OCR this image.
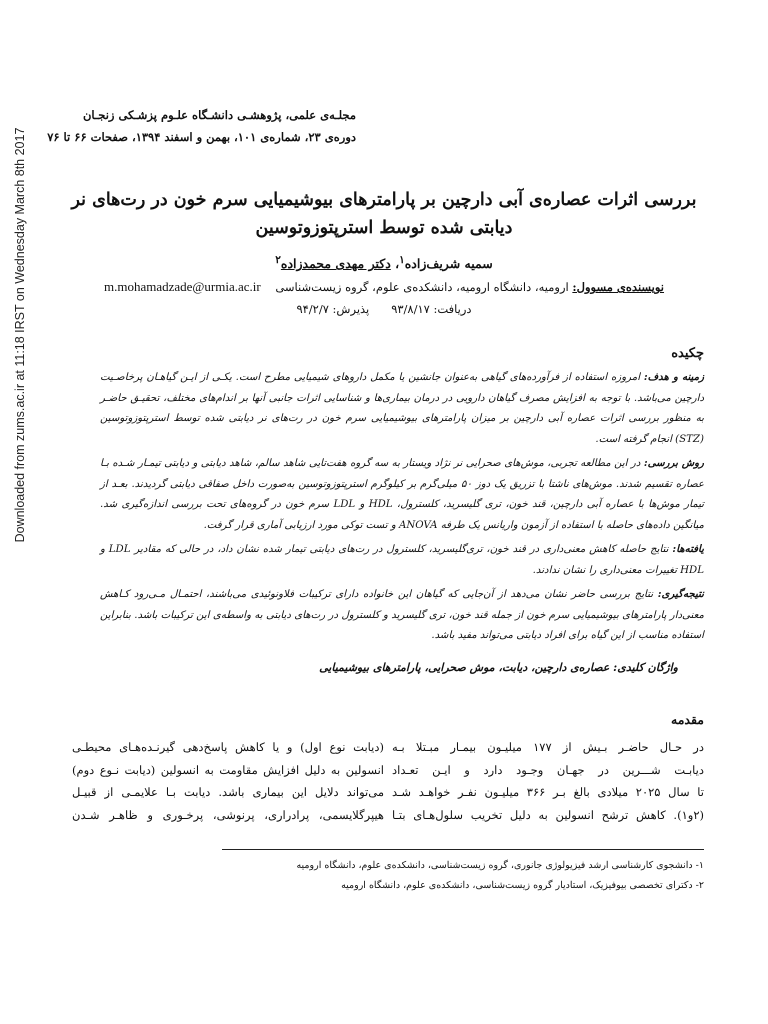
Downloaded from zums.ac.ir at 11:18 IRST on Wednesday March 8th 2017
مجلـه‌ی علمی، پژوهشـی دانشـگاه علـوم پزشـکی زنجـان
دوره‌ی ۲۳، شماره‌ی ۱۰۱، بهمن و اسفند ۱۳۹۴، صفحات ۶۶ تا ۷۶
بررسی اثرات عصاره‌ی آبی دارچین بر پارامترهای بیوشیمیایی سرم خون در رت‌های نر
دیابتی شده توسط استرپتوزوتوسین
سمیه شریف‌زاده$^۱$، دکتر مهدی محمدزاده$^۲$
نویسنده‌ی مسوول: ارومیه، دانشگاه ارومیه، دانشکده‌ی علوم، گروه زیست‌شناسی    m.mohamadzade@urmia.ac.ir
دریافت: ۹۳/۸/۱۷      پذیرش: ۹۴/۲/۷
چکیده

زمینه و هدف: امروزه استفاده از فرآورده‌های گیاهی به‌عنوان جانشین یا مکمل داروهای شیمیایی مطرح است. یکـی از ایـن گیاهـان پرخاصـیت دارچین می‌باشد. با توجه به افزایش مصرف گیاهان دارویی در درمان بیماری‌ها و شناسایی اثرات جانبی آنها بر اندام‌های مختلف، تحقیـق حاضـر به منظور بررسی اثرات عصاره آبی دارچین بر میزان پارامترهای بیوشیمیایی سرم خون در رت‌های نر دیابتی شده توسط استرپتوزوتوسین (STZ) انجام گرفته است.

روش بررسی: در این مطالعه تجربی، موش‌های صحرایی نر نژاد ویستار به سه گروه هفت‌تایی شاهد سالم، شاهد دیابتی و دیابتی تیمـار شـده بـا عصاره تقسیم شدند. موش‌های ناشتا با تزریق یک دوز ۵۰ میلی‌گرم بر کیلوگرم استرپتوزوتوسین به‌صورت داخل صفاقی دیابتی گردیدند. بعـد از تیمار موش‌ها با عصاره آبی دارچین، قند خون، تری گلیسرید، کلسترول، HDL و LDL سرم خون در گروه‌های تحت بررسی اندازه‌گیری شد. میانگین داده‌های حاصله با استفاده از آزمون واریانس یک طرفه ANOVA و تست توکی مورد ارزیابی آماری قرار گرفت.

یافته‌ها: نتایج حاصله کاهش معنی‌داری در قند خون، تری‌گلیسرید، کلسترول در رت‌های دیابتی تیمار شده نشان داد، در حالی که مقادیر LDL و HDL تغییرات معنی‌داری را نشان ندادند.

نتیجه‌گیری: نتایج بررسی حاضر نشان می‌دهد از آن‌جایی که گیاهان این خانواده دارای ترکیبات فلاونوئیدی می‌باشند، احتمـال مـی‌رود کـاهش معنی‌دار پارامترهای بیوشیمیایی سرم خون از جمله قند خون، تری گلیسرید و کلسترول در رت‌های دیابتی به واسطه‌ی این ترکیبات باشد. بنابراین استفاده مناسب از این گیاه برای افراد دیابتی می‌تواند مفید باشد.

واژگان کلیدی: عصاره‌ی دارچین، دیابت، موش صحرایی، پارامترهای بیوشیمیایی
مقدمه
در حـال حاضـر بـیش از ۱۷۷ میلیـون بیمـار مبـتلا بـه
دیابـت شـــرین در جهـان وجـود دارد و ایـن تعـداد
تا سال ۲۰۲۵ میلادی بالغ بـر ۳۶۶ میلیـون نفـر خواهـد شـد
(۲و۱). کاهش ترشح انسولین به دلیل تخریب سلول‌هـای بتـا
(دیابت نوع اول) و یا کاهش پاسخ‌دهی گیرنـده‌هـای محیطـی
انسولین به دلیل افزایش مقاومت به انسولین (دیابت نـوع دوم)
می‌تواند دلایل این بیماری باشد. دیابت بـا علایمـی از قبیـل
هیپرگلایسمی، پرادراری، پرنوشی، پرخـوری و ظاهـر شـدن
۱- دانشجوی کارشناسی ارشد فیزیولوژی جانوری، گروه زیست‌شناسی، دانشکده‌ی علوم، دانشگاه ارومیه
۲- دکترای تخصصی بیوفیزیک، استادیار گروه زیست‌شناسی، دانشکده‌ی علوم، دانشگاه ارومیه
